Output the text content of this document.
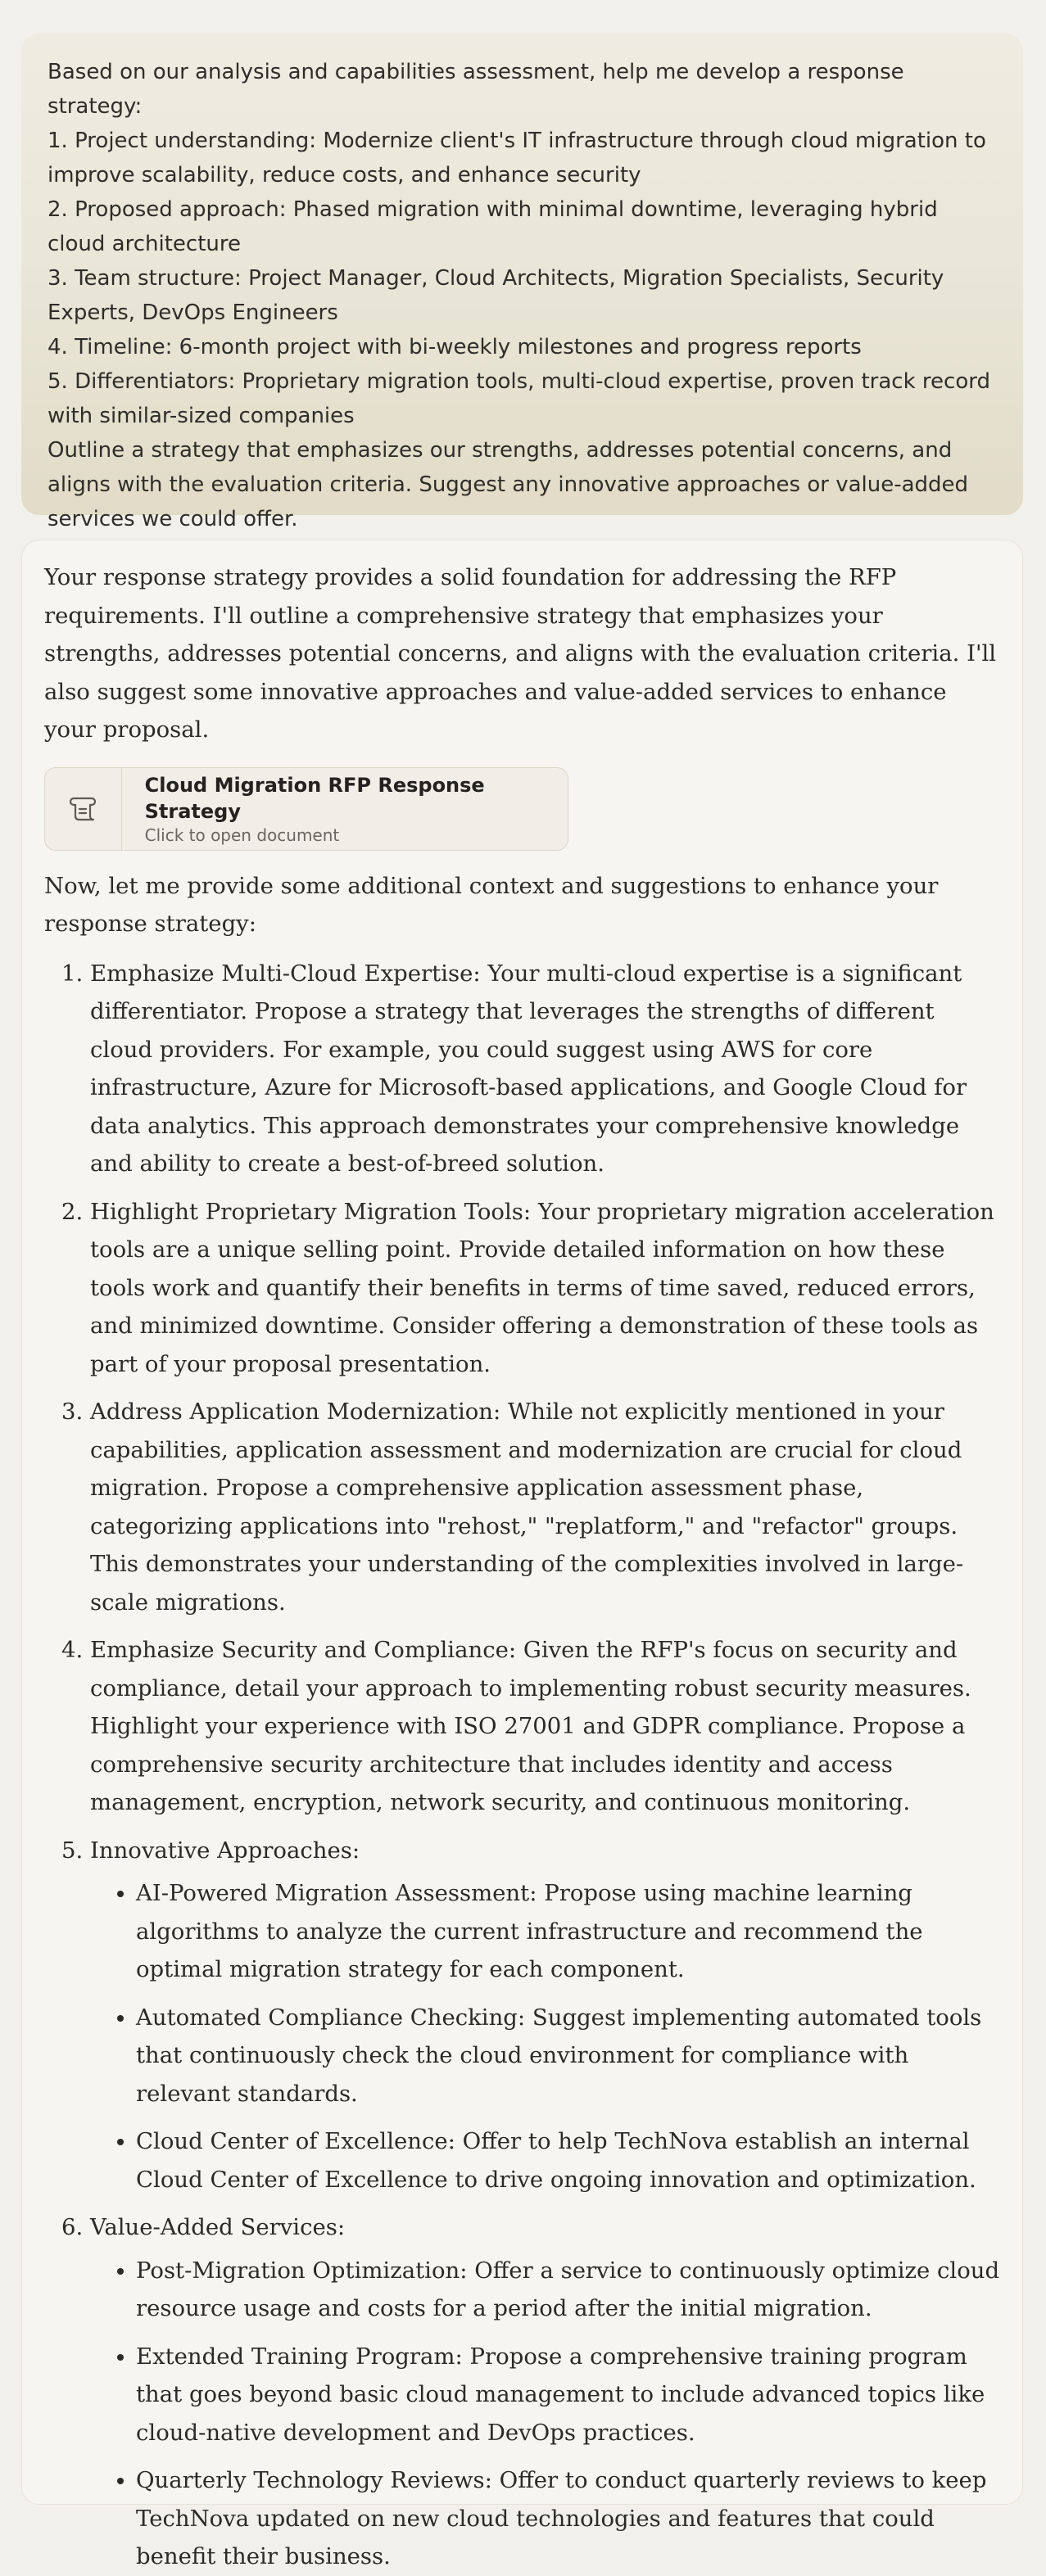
Based on our analysis and capabilities assessment, help me develop a response strategy:

1. Project understanding: Modernize client's IT infrastructure through cloud migration to improve scalability, reduce costs, and enhance security

2. Proposed approach: Phased migration with minimal downtime, leveraging hybrid cloud architecture

3. Team structure: Project Manager, Cloud Architects, Migration Specialists, Security Experts, DevOps Engineers

4. Timeline: 6-month project with bi-weekly milestones and progress reports

5. Differentiators: Proprietary migration tools, multi-cloud expertise, proven track record with similar-sized companies

Outline a strategy that emphasizes our strengths, addresses potential concerns, and aligns with the evaluation criteria. Suggest any innovative approaches or value-added services we could offer.

Your response strategy provides a solid foundation for addressing the RFP requirements. I'll outline a comprehensive strategy that emphasizes your strengths, addresses potential concerns, and aligns with the evaluation criteria. I'll also suggest some innovative approaches and value-added services to enhance your proposal.

Cloud Migration RFP Response Strategy
Click to open document

Now, let me provide some additional context and suggestions to enhance your response strategy:

1. Emphasize Multi-Cloud Expertise: Your multi-cloud expertise is a significant differentiator. Propose a strategy that leverages the strengths of different cloud providers. For example, you could suggest using AWS for core infrastructure, Azure for Microsoft-based applications, and Google Cloud for data analytics. This approach demonstrates your comprehensive knowledge and ability to create a best-of-breed solution.
2. Highlight Proprietary Migration Tools: Your proprietary migration acceleration tools are a unique selling point. Provide detailed information on how these tools work and quantify their benefits in terms of time saved, reduced errors, and minimized downtime. Consider offering a demonstration of these tools as part of your proposal presentation.
3. Address Application Modernization: While not explicitly mentioned in your capabilities, application assessment and modernization are crucial for cloud migration. Propose a comprehensive application assessment phase, categorizing applications into "rehost," "replatform," and "refactor" groups. This demonstrates your understanding of the complexities involved in large-scale migrations.
4. Emphasize Security and Compliance: Given the RFP's focus on security and compliance, detail your approach to implementing robust security measures. Highlight your experience with ISO 27001 and GDPR compliance. Propose a comprehensive security architecture that includes identity and access management, encryption, network security, and continuous monitoring.
5. Innovative Approaches:
• AI-Powered Migration Assessment: Propose using machine learning algorithms to analyze the current infrastructure and recommend the optimal migration strategy for each component.
• Automated Compliance Checking: Suggest implementing automated tools that continuously check the cloud environment for compliance with relevant standards.
• Cloud Center of Excellence: Offer to help TechNova establish an internal Cloud Center of Excellence to drive ongoing innovation and optimization.
6. Value-Added Services:
• Post-Migration Optimization: Offer a service to continuously optimize cloud resource usage and costs for a period after the initial migration.
• Extended Training Program: Propose a comprehensive training program that goes beyond basic cloud management to include advanced topics like cloud-native development and DevOps practices.
• Quarterly Technology Reviews: Offer to conduct quarterly reviews to keep TechNova updated on new cloud technologies and features that could benefit their business.
